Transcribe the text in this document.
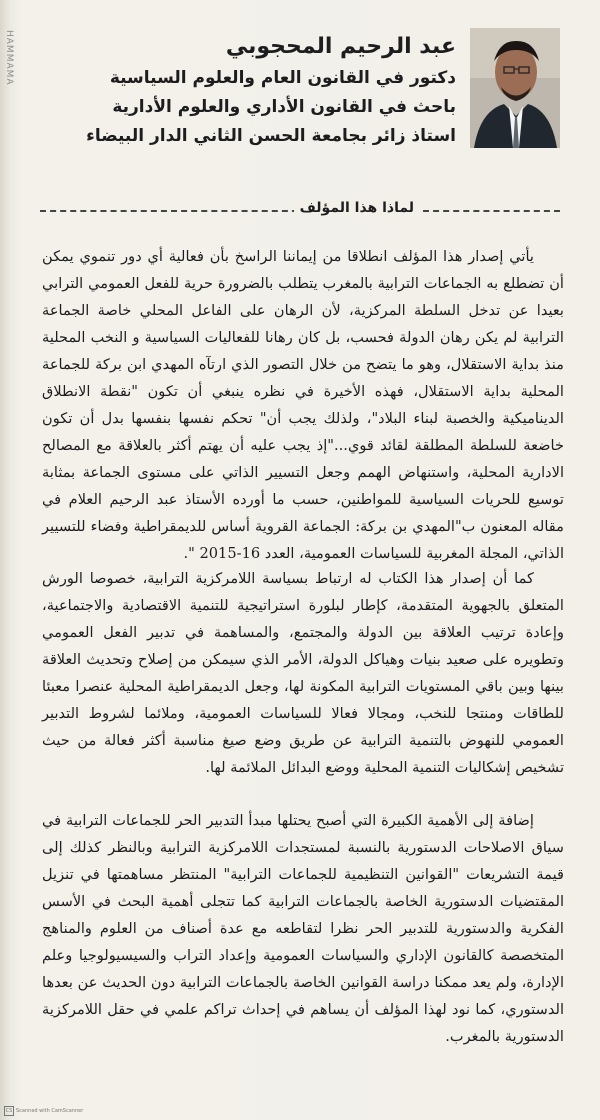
HAMMAMA	عبد الرحيم المحجوبي
دكتور في القانون العام والعلوم السياسية
باحث في القانون الأداري والعلوم الأدارية
استاذ زائر بجامعة الحسن الثاني الدار البيضاء
لماذا هذا المؤلف

يأتي إصدار هذا المؤلف انطلاقا من إيماننا الراسخ بأن فعالية أي دور تنموي يمكن أن تضطلع به الجماعات الترابية بالمغرب يتطلب بالضرورة حرية للفعل العمومي الترابي بعيدا عن تدخل السلطة المركزية، لأن الرهان على الفاعل المحلي خاصة الجماعة الترابية لم يكن رهان الدولة فحسب، بل كان رهانا للفعاليات السياسية و النخب المحلية منذ بداية الاستقلال، وهو ما يتضح من خلال التصور الذي ارتآه المهدي ابن بركة للجماعة المحلية بداية الاستقلال، فهذه الأخيرة في نظره ينبغي أن تكون "نقطة الانطلاق الديناميكية والخصبة لبناء البلاد"، ولذلك يجب أن" تحكم نفسها بنفسها بدل أن تكون خاضعة للسلطة المطلقة لقائد قوي..."إذ يجب عليه أن يهتم أكثر بالعلاقة مع المصالح الادارية المحلية، واستنهاض الهمم وجعل التسيير الذاتي على مستوى الجماعة بمثابة توسيع للحريات السياسية للمواطنين، حسب ما أورده الأستاذ عبد الرحيم العلام في مقاله المعنون ب"المهدي بن بركة: الجماعة القروية أساس للديمقراطية وفضاء للتسيير الذاتي، المجلة المغربية للسياسات العمومية، العدد 16-2015 ".

كما أن إصدار هذا الكتاب له ارتباط بسياسة اللامركزية الترابية، خصوصا الورش المتعلق بالجهوية المتقدمة، كإطار لبلورة استراتيجية للتنمية الاقتصادية والاجتماعية، وإعادة ترتيب العلاقة بين الدولة والمجتمع، والمساهمة في تدبير الفعل العمومي وتطويره على صعيد بنيات وهياكل الدولة، الأمر الذي سيمكن من إصلاح وتحديث العلاقة بينها وبين باقي المستويات الترابية المكونة لها، وجعل الديمقراطية المحلية عنصرا معبئا للطاقات ومنتجا للنخب، ومجالا فعالا للسياسات العمومية، وملائما لشروط التدبير العمومي للنهوض بالتنمية الترابية عن طريق وضع صيغ مناسبة أكثر فعالة من حيث تشخيص إشكاليات التنمية المحلية ووضع البدائل الملائمة لها.

إضافة إلى الأهمية الكبيرة التي أصبح يحتلها مبدأ التدبير الحر للجماعات الترابية في سياق الاصلاحات الدستورية بالنسبة لمستجدات اللامركزية الترابية وبالنظر كذلك إلى قيمة التشريعات "القوانين التنظيمية للجماعات الترابية" المنتظر مساهمتها في تنزيل المقتضيات الدستورية الخاصة بالجماعات الترابية كما تتجلى أهمية البحث في الأسس الفكرية والدستورية للتدبير الحر نظرا لتقاطعه مع عدة أصناف من العلوم والمناهج المتخصصة كالقانون الإداري والسياسات العمومية وإعداد التراب والسيسيولوجيا وعلم الإدارة، ولم يعد ممكنا دراسة القوانين الخاصة بالجماعات الترابية دون الحديث عن بعدها الدستوري، كما نود لهذا المؤلف أن يساهم في إحداث تراكم علمي في حقل اللامركزية الدستورية بالمغرب.

CS Scanned with CamScanner
